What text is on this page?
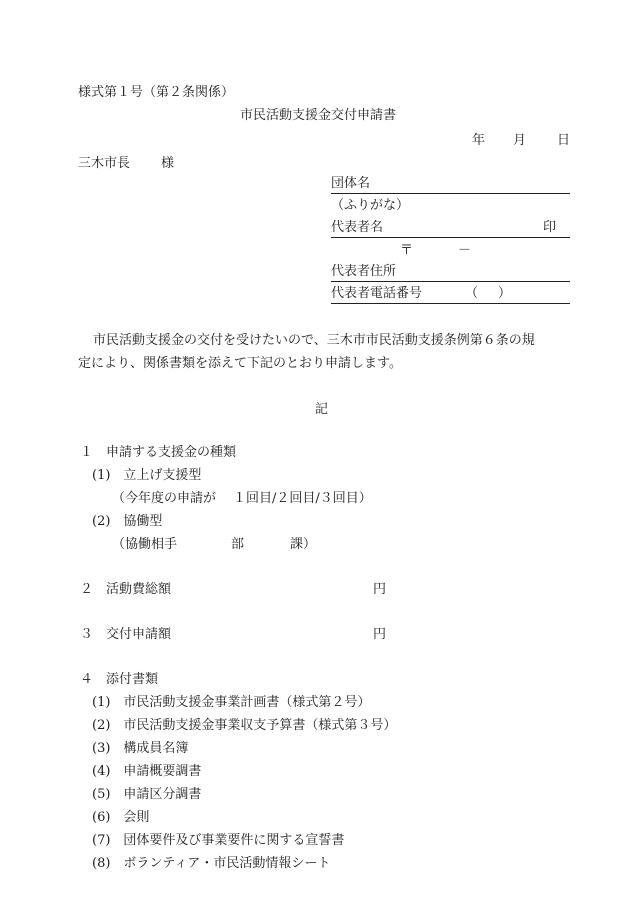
様式第１号（第２条関係）
市民活動支援金交付申請書
年 月 日
三木市長 様
団体名
（ふりがな）
代表者名	印
〒	－
代表者住所
代表者電話番号	（ ）
市民活動支援金の交付を受けたいので、三木市市民活動支援条例第６条の規
定により、関係書類を添えて下記のとおり申請します。
記
１　申請する支援金の種類
(1)　立上げ支援型
（今年度の申請が １回目/２回目/３回目）
(2)　協働型
（協働相手	部	課）
２　活動費総額	円
３　交付申請額	円
４　添付書類
(1)　市民活動支援金事業計画書（様式第２号）
(2)　市民活動支援金事業収支予算書（様式第３号）
(3)　構成員名簿
(4)　申請概要調書
(5)　申請区分調書
(6)　会則
(7)　団体要件及び事業要件に関する宣誓書
(8)　ボランティア・市民活動情報シート
